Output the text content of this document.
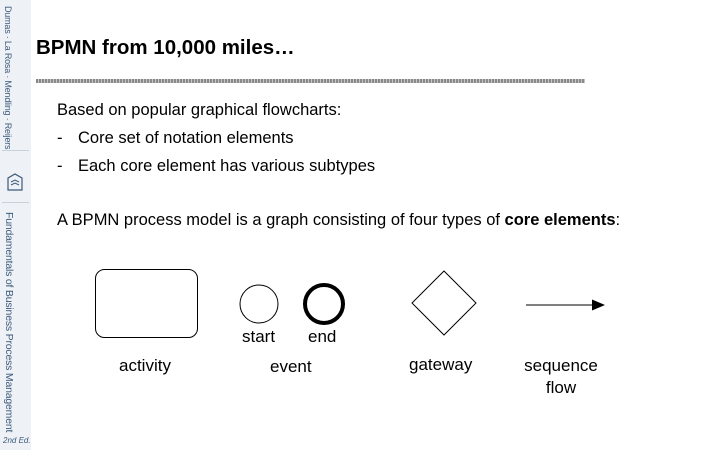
Dumas · La Rosa · Mendling · Reijers
Fundamentals of Business Process Management
2nd Ed.
BPMN from 10,000 miles…
Based on popular graphical flowcharts:
- Core set of notation elements
- Each core element has various subtypes
A BPMN process model is a graph consisting of four types of core elements:
activity
start end
event	gateway	sequence
flow
